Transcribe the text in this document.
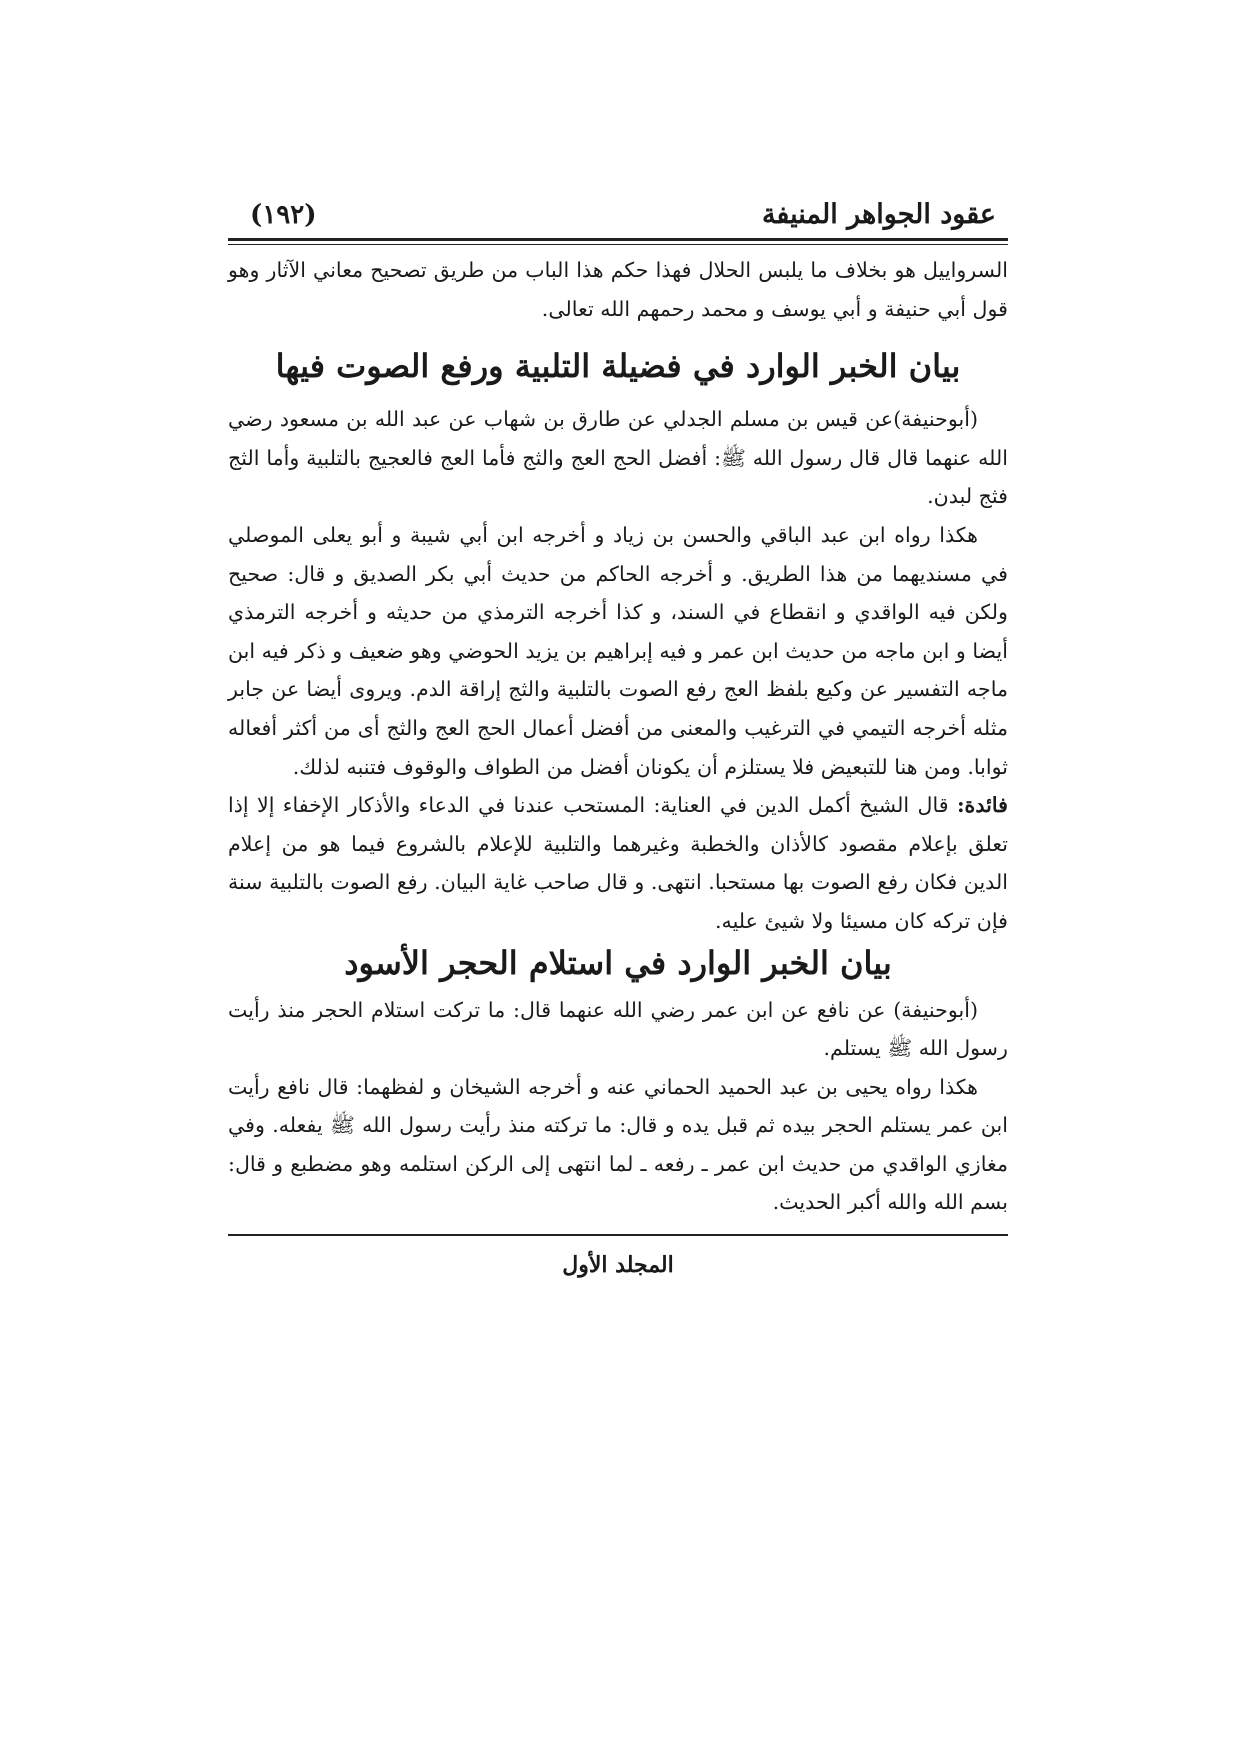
عقود الجواهر المنيفة
(١٩٢)

السرواييل هو بخلاف ما يلبس الحلال فهذا حكم هذا الباب من طريق تصحيح معاني الآثار وهو قول أبي حنيفة و أبي يوسف و محمد رحمهم الله تعالى.

بيان الخبر الوارد في فضيلة التلبية ورفع الصوت فيها

(أبوحنيفة)عن قيس بن مسلم الجدلي عن طارق بن شهاب عن عبد الله بن مسعود رضي الله عنهما قال قال رسول الله ﷺ: أفضل الحج العج والثج فأما العج فالعجيج بالتلبية وأما الثج فثج لبدن.

هكذا رواه ابن عبد الباقي والحسن بن زياد و أخرجه ابن أبي شيبة و أبو يعلى الموصلي في مسنديهما من هذا الطريق. و أخرجه الحاكم من حديث أبي بكر الصديق و قال: صحيح ولكن فيه الواقدي و انقطاع في السند، و كذا أخرجه الترمذي من حديثه و أخرجه الترمذي أيضا و ابن ماجه من حديث ابن عمر و فيه إبراهيم بن يزيد الحوضي وهو ضعيف و ذكر فيه ابن ماجه التفسير عن وكيع بلفظ العج رفع الصوت بالتلبية والثج إراقة الدم. ويروى أيضا عن جابر مثله أخرجه التيمي في الترغيب والمعنى من أفضل أعمال الحج العج والثج أى من أكثر أفعاله ثوابا. ومن هنا للتبعيض فلا يستلزم أن يكونان أفضل من الطواف والوقوف فتنبه لذلك.

فائدة: قال الشيخ أكمل الدين في العناية: المستحب عندنا في الدعاء والأذكار الإخفاء إلا إذا تعلق بإعلام مقصود كالأذان والخطبة وغيرهما والتلبية للإعلام بالشروع فيما هو من إعلام الدين فكان رفع الصوت بها مستحبا. انتهى. و قال صاحب غاية البيان. رفع الصوت بالتلبية سنة فإن تركه كان مسيئا ولا شيئ عليه.

بيان الخبر الوارد في استلام الحجر الأسود

(أبوحنيفة) عن نافع عن ابن عمر رضي الله عنهما قال: ما تركت استلام الحجر منذ رأيت رسول الله ﷺ يستلم.

هكذا رواه يحيى بن عبد الحميد الحماني عنه و أخرجه الشيخان و لفظهما: قال نافع رأيت ابن عمر يستلم الحجر بيده ثم قبل يده و قال: ما تركته منذ رأيت رسول الله ﷺ يفعله. وفي مغازي الواقدي من حديث ابن عمر ـ رفعه ـ لما انتهى إلى الركن استلمه وهو مضطبع و قال: بسم الله والله أكبر الحديث.

المجلد الأول
